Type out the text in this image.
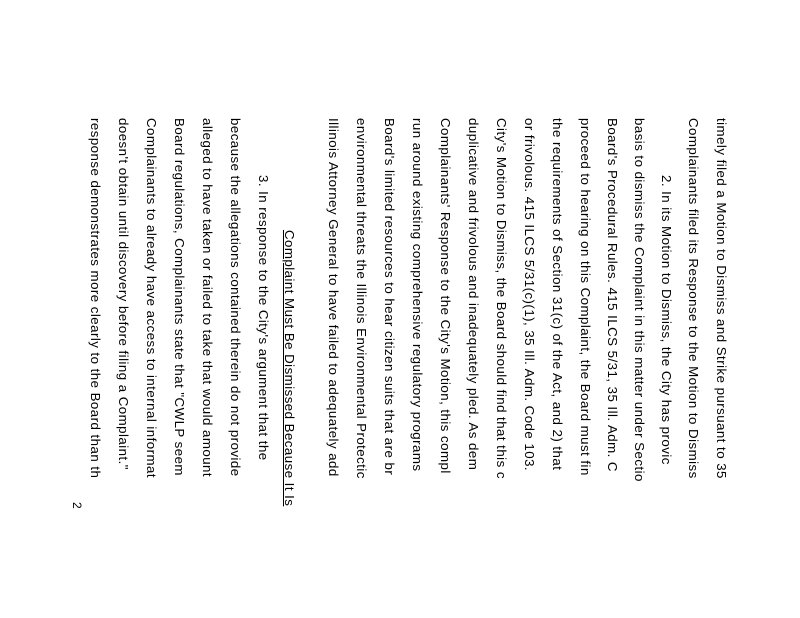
timely filed a Motion to Dismiss and Strike pursuant to 35
Complainants filed its Response to the Motion to Dismiss
2. In its Motion to Dismiss, the City has provic
basis to dismiss the Complaint in this matter under Sectio
Board's Procedural Rules. 415 ILCS 5/31, 35 Ill. Adm. C
proceed to hearing on this Complaint, the Board must fin
the requirements of Section 31(c) of the Act, and 2) that
or frivolous. 415 ILCS 5/31(c)(1), 35 Ill. Adm. Code 103.
City's Motion to Dismiss, the Board should find that this c
duplicative and frivolous and inadequately pled. As dem
Complainants' Response to the City's Motion, this compl
run around existing comprehensive regulatory programs
Board's limited resources to hear citizen suits that are br
environmental threats the Illinois Environmental Protectic
Illinois Attorney General to have failed to adequately add
Complaint Must Be Dismissed Because It Is
3. In response to the City's argument that the
because the allegations contained therein do not provide
alleged to have taken or failed to take that would amount
Board regulations, Complainants state that "CWLP seem
Complainants to already have access to internal informat
doesn't obtain until discovery before filing a Complaint."
response demonstrates more clearly to the Board than th
2
